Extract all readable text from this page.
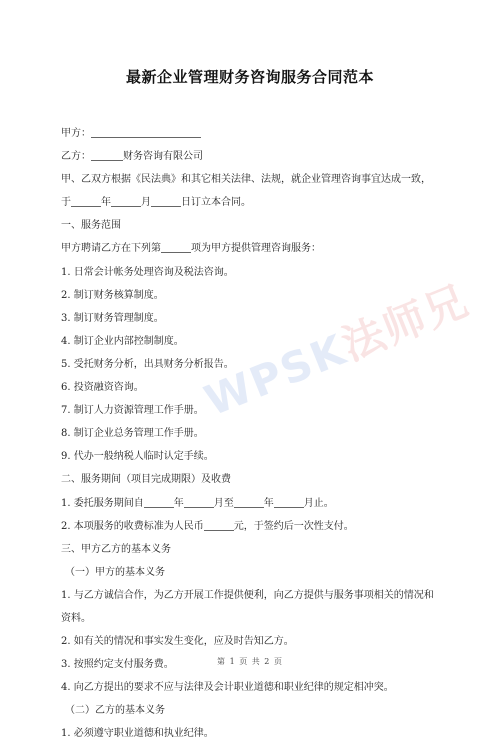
最新企业管理财务咨询服务合同范本
甲方：
乙方：	财务咨询有限公司
甲、乙双方根据《民法典》和其它相关法律、法规，就企业管理咨询事宜达成一致，
于	年	月	日订立本合同。
一、服务范围
甲方聘请乙方在下列第	项为甲方提供管理咨询服务：
1. 日常会计帐务处理咨询及税法咨询。
2. 制订财务核算制度。
3. 制订财务管理制度。
4. 制订企业内部控制制度。
5. 受托财务分析，出具财务分析报告。
6. 投资融资咨询。
7. 制订人力资源管理工作手册。
8. 制订企业总务管理工作手册。
9. 代办一般纳税人临时认定手续。
二、服务期间（项目完成期限）及收费
1. 委托服务期间自	年	月至	年	月止。
2. 本项服务的收费标准为人民币	元，于签约后一次性支付。
三、甲方乙方的基本义务
（一）甲方的基本义务
1. 与乙方诚信合作，为乙方开展工作提供便利，向乙方提供与服务事项相关的情况和
资料。
2. 如有关的情况和事实发生变化，应及时告知乙方。
3. 按照约定支付服务费。
4. 向乙方提出的要求不应与法律及会计职业道德和职业纪律的规定相冲突。
（二）乙方的基本义务
1. 必须遵守职业道德和执业纪律。
WPSK法师兄
第 1 页 共 2 页
